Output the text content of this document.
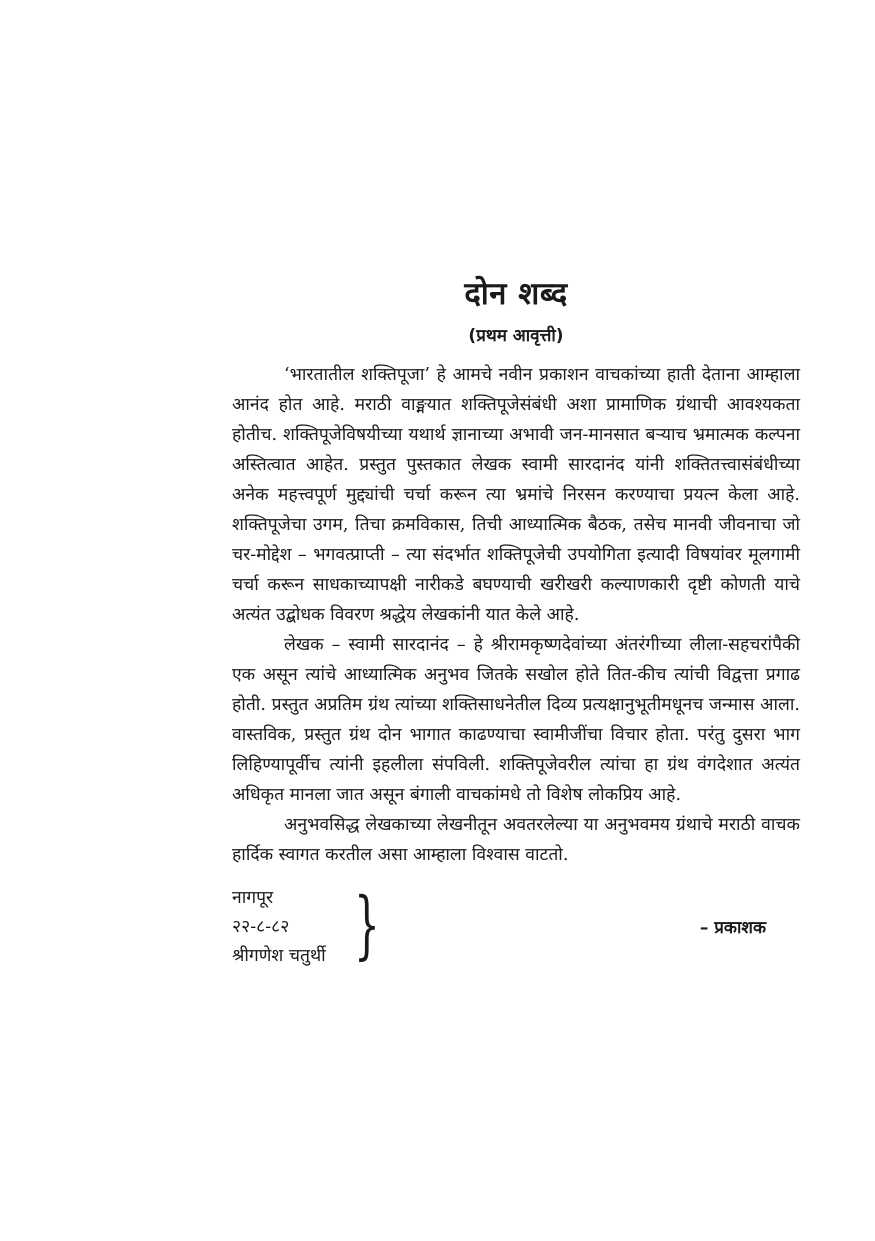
दोन शब्द
(प्रथम आवृत्ती)

‘भारतातील शक्तिपूजा’ हे आमचे नवीन प्रकाशन वाचकांच्या हाती देताना आम्हाला आनंद होत आहे. मराठी वाङ्मयात शक्तिपूजेसंबंधी अशा प्रामाणिक ग्रंथाची आवश्यकता होतीच. शक्तिपूजेविषयीच्या यथार्थ ज्ञानाच्या अभावी जन-मानसात बऱ्याच भ्रमात्मक कल्पना अस्तित्वात आहेत. प्रस्तुत पुस्तकात लेखक स्वामी सारदानंद यांनी शक्तितत्त्वासंबंधीच्या अनेक महत्त्वपूर्ण मुद्द्यांची चर्चा करून त्या भ्रमांचे निरसन करण्याचा प्रयत्न केला आहे. शक्तिपूजेचा उगम, तिचा क्रमविकास, तिची आध्यात्मिक बैठक, तसेच मानवी जीवनाचा जो चर-मोद्देश – भगवत्प्राप्ती – त्या संदर्भात शक्तिपूजेची उपयोगिता इत्यादी विषयांवर मूलगामी चर्चा करून साधकाच्यापक्षी नारीकडे बघण्याची खरीखरी कल्याणकारी दृष्टी कोणती याचे अत्यंत उद्बोधक विवरण श्रद्धेय लेखकांनी यात केले आहे.

लेखक – स्वामी सारदानंद – हे श्रीरामकृष्णदेवांच्या अंतरंगीच्या लीला-सहचरांपैकी एक असून त्यांचे आध्यात्मिक अनुभव जितके सखोल होते तित-कीच त्यांची विद्वत्ता प्रगाढ होती. प्रस्तुत अप्रतिम ग्रंथ त्यांच्या शक्तिसाधनेतील दिव्य प्रत्यक्षानुभूतीमधूनच जन्मास आला. वास्तविक, प्रस्तुत ग्रंथ दोन भागात काढण्याचा स्वामीजींचा विचार होता. परंतु दुसरा भाग लिहिण्यापूर्वीच त्यांनी इहलीला संपविली. शक्तिपूजेवरील त्यांचा हा ग्रंथ वंगदेशात अत्यंत अधिकृत मानला जात असून बंगाली वाचकांमधे तो विशेष लोकप्रिय आहे.

अनुभवसिद्ध लेखकाच्या लेखनीतून अवतरलेल्या या अनुभवमय ग्रंथाचे मराठी वाचक हार्दिक स्वागत करतील असा आम्हाला विश्वास वाटतो.

नागपूर
२२-८-८२
श्रीगणेश चतुर्थी }	– प्रकाशक
